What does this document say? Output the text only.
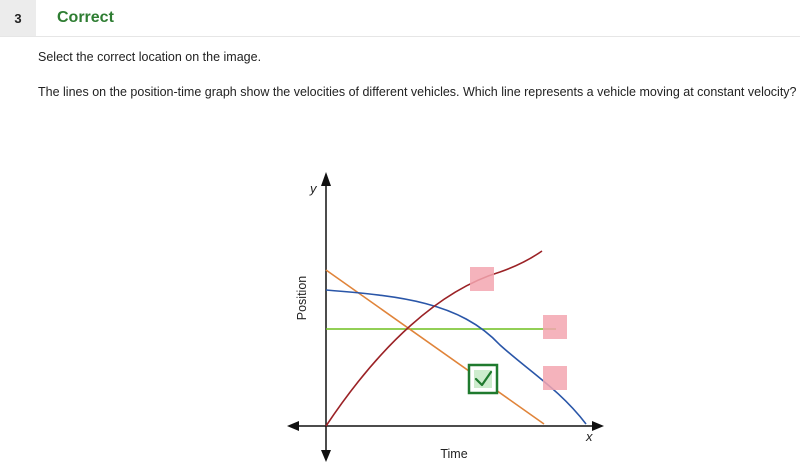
3	Correct
Select the correct location on the image.
The lines on the position-time graph show the velocities of different vehicles. Which line represents a vehicle moving at constant velocity?
y
x
Position
Time
